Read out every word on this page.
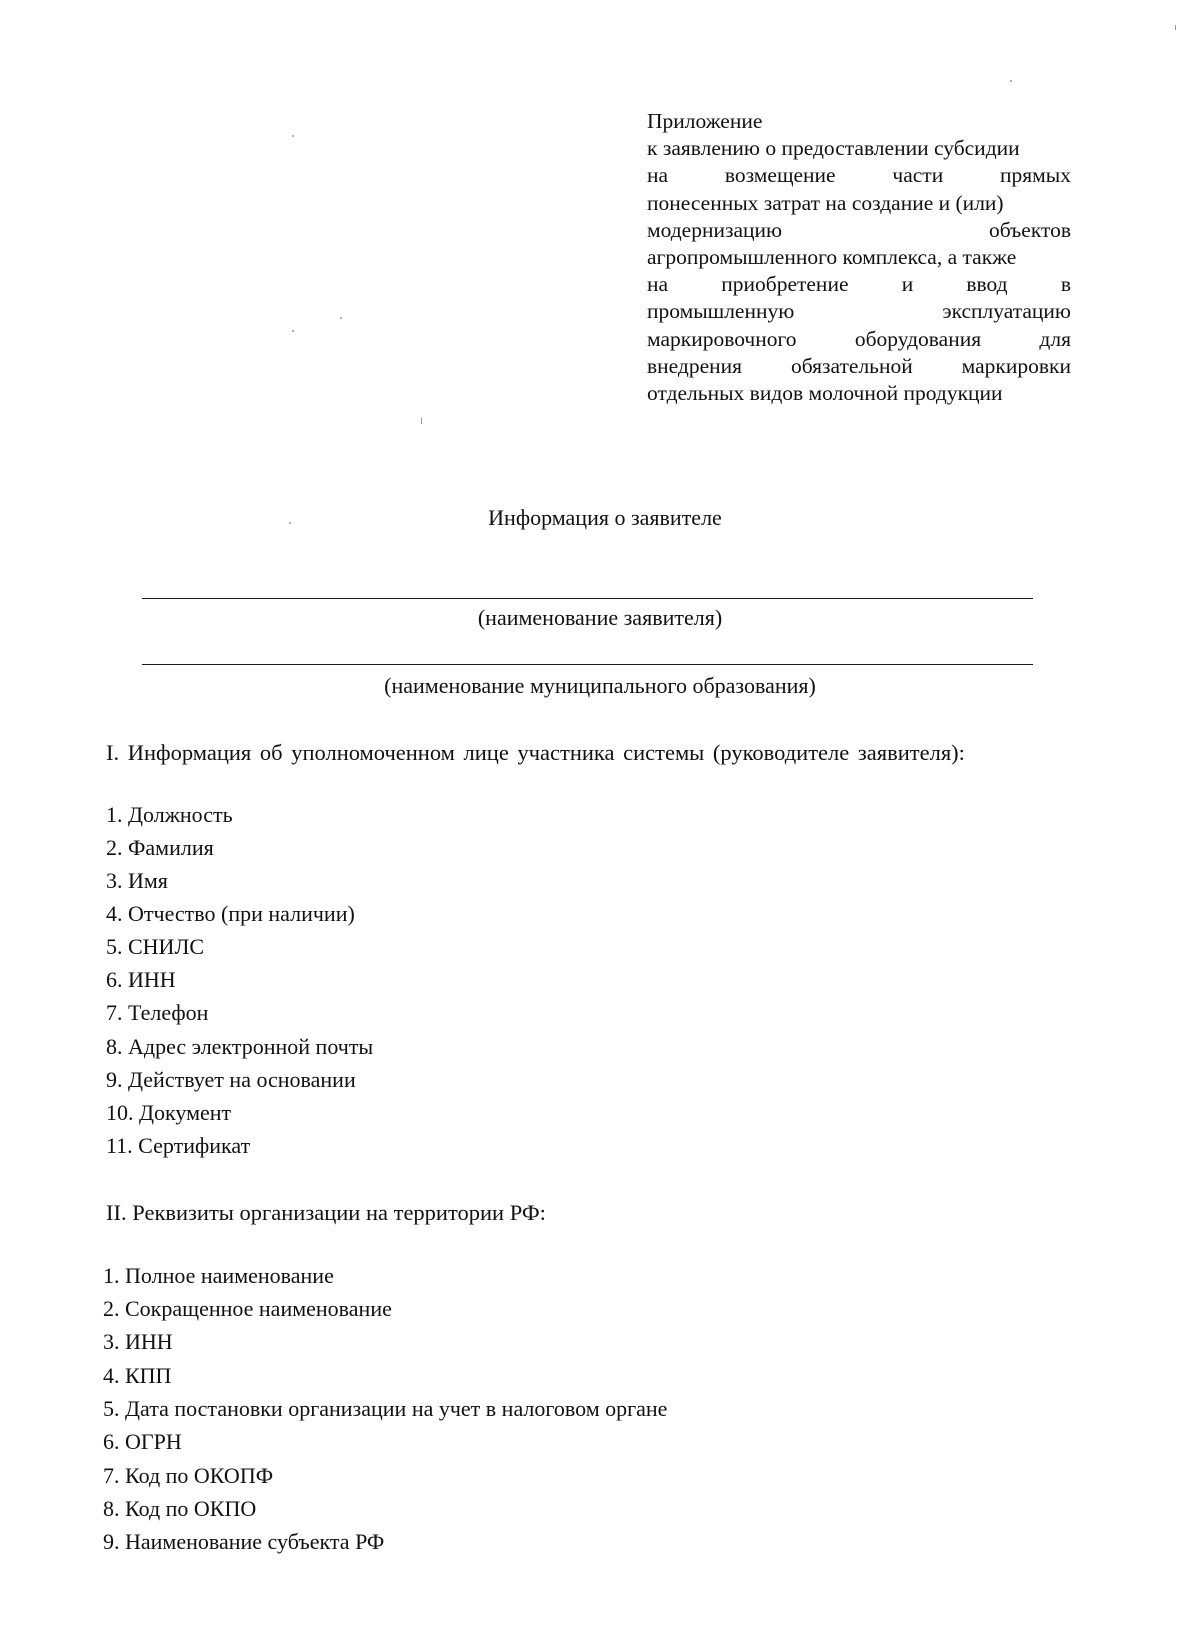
Приложение
к заявлению о предоставлении субсидии
на	возмещение	части	прямых
понесенных затрат на создание и (или)
модернизацию	объектов
агропромышленного комплекса, а также
на приобретение и ввод в
промышленную	эксплуатацию
маркировочного	оборудования	для
внедрения обязательной маркировки
отдельных видов молочной продукции
Информация о заявителе
(наименование заявителя)
(наименование муниципального образования)
I. Информация об уполномоченном лице участника системы (руководителе заявителя):
1. Должность
2. Фамилия
3. Имя
4. Отчество (при наличии)
5. СНИЛС
6. ИНН
7. Телефон
8. Адрес электронной почты
9. Действует на основании
10. Документ
11. Сертификат
II. Реквизиты организации на территории РФ:
1. Полное наименование
2. Сокращенное наименование
3. ИНН
4. КПП
5. Дата постановки организации на учет в налоговом органе
6. ОГРН
7. Код по ОКОПФ
8. Код по ОКПО
9. Наименование субъекта РФ
